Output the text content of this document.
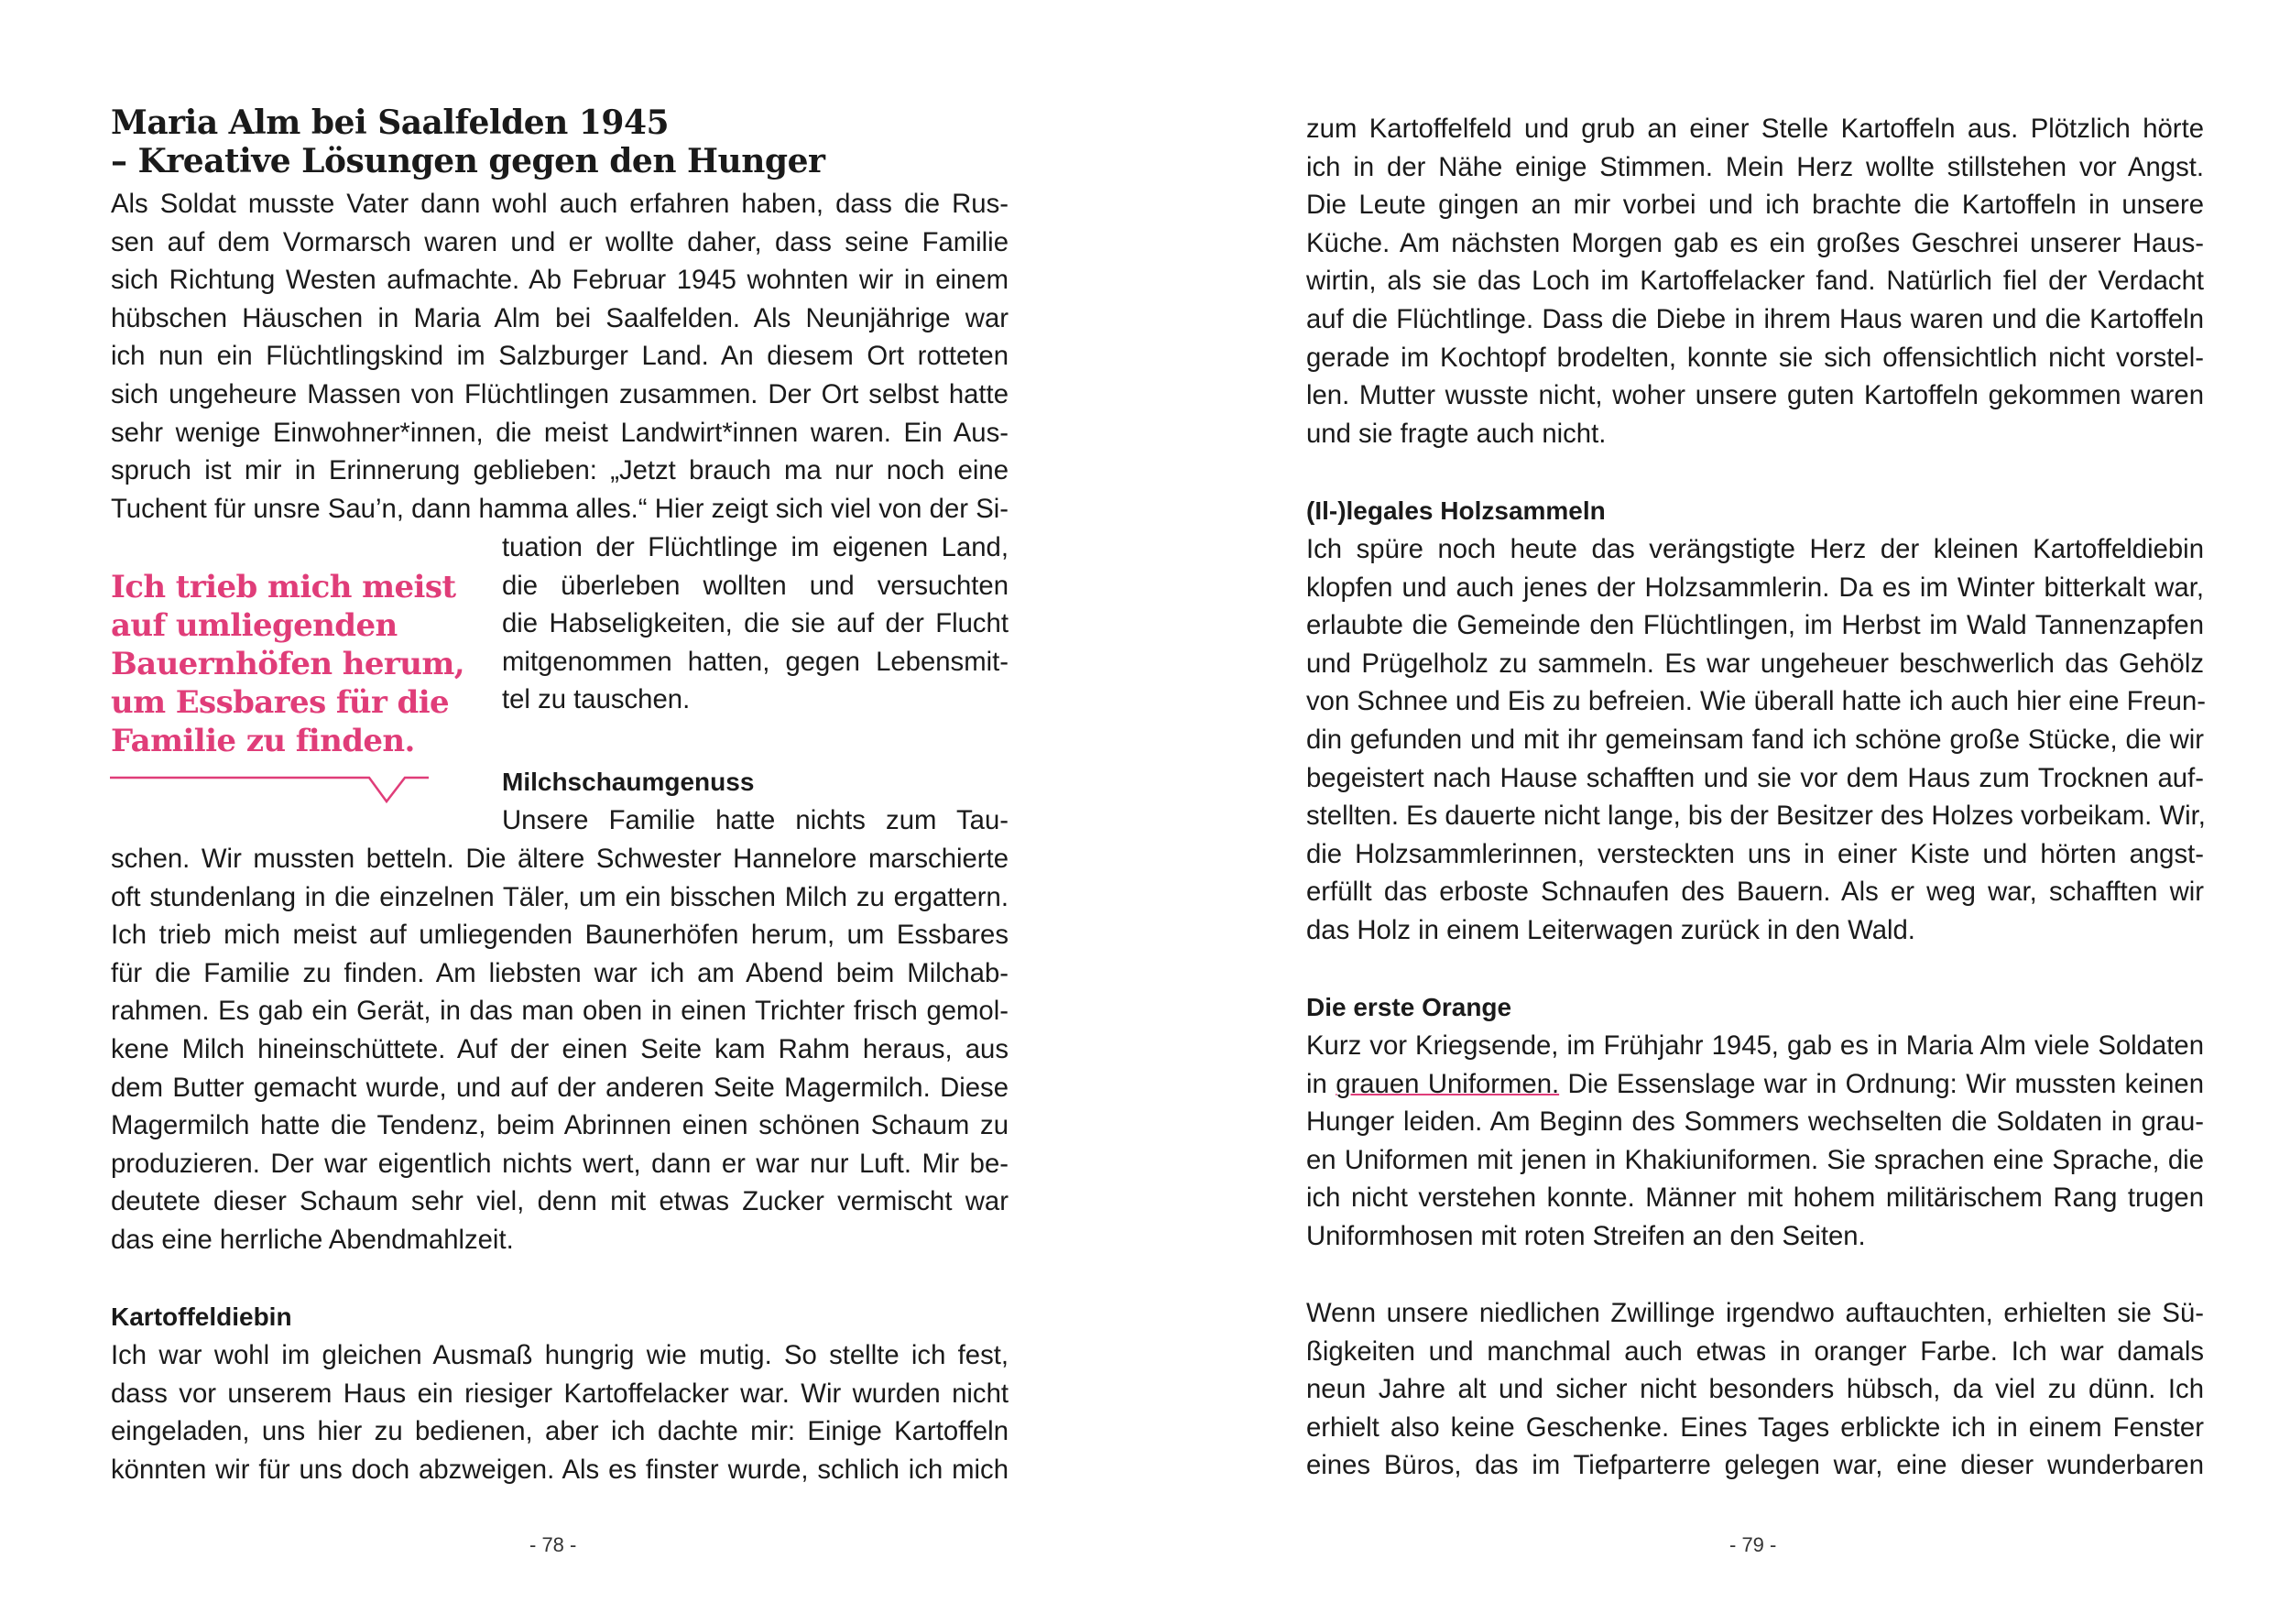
Maria Alm bei Saalfelden 1945
– Kreative Lösungen gegen den Hunger

Als Soldat musste Vater dann wohl auch erfahren haben, dass die Rus-
sen auf dem Vormarsch waren und er wollte daher, dass seine Familie
sich Richtung Westen aufmachte. Ab Februar 1945 wohnten wir in einem
hübschen Häuschen in Maria Alm bei Saalfelden. Als Neunjährige war
ich nun ein Flüchtlingskind im Salzburger Land. An diesem Ort rotteten
sich ungeheure Massen von Flüchtlingen zusammen. Der Ort selbst hatte
sehr wenige Einwohner*innen, die meist Landwirt*innen waren. Ein Aus-
spruch ist mir in Erinnerung geblieben: „Jetzt brauch ma nur noch eine
Tuchent für unsre Sau’n, dann hamma alles.“ Hier zeigt sich viel von der Si-

tuation der Flüchtlinge im eigenen Land,
die überleben wollten und versuchten
die Habseligkeiten, die sie auf der Flucht
mitgenommen hatten, gegen Lebensmit-
tel zu tauschen.

Ich trieb mich meist
auf umliegenden
Bauernhöfen herum,
um Essbares für die
Familie zu finden.

Milchschaumgenuss

Unsere Familie hatte nichts zum Tau-

schen. Wir mussten betteln. Die ältere Schwester Hannelore marschierte
oft stundenlang in die einzelnen Täler, um ein bisschen Milch zu ergattern.
Ich trieb mich meist auf umliegenden Baunerhöfen herum, um Essbares
für die Familie zu finden. Am liebsten war ich am Abend beim Milchab-
rahmen. Es gab ein Gerät, in das man oben in einen Trichter frisch gemol-
kene Milch hineinschüttete. Auf der einen Seite kam Rahm heraus, aus
dem Butter gemacht wurde, und auf der anderen Seite Magermilch. Diese
Magermilch hatte die Tendenz, beim Abrinnen einen schönen Schaum zu
produzieren. Der war eigentlich nichts wert, dann er war nur Luft. Mir be-
deutete dieser Schaum sehr viel, denn mit etwas Zucker vermischt war
das eine herrliche Abendmahlzeit.

Kartoffeldiebin

Ich war wohl im gleichen Ausmaß hungrig wie mutig. So stellte ich fest,
dass vor unserem Haus ein riesiger Kartoffelacker war. Wir wurden nicht
eingeladen, uns hier zu bedienen, aber ich dachte mir: Einige Kartoffeln
könnten wir für uns doch abzweigen. Als es finster wurde, schlich ich mich

- 78 -

zum Kartoffelfeld und grub an einer Stelle Kartoffeln aus. Plötzlich hörte
ich in der Nähe einige Stimmen. Mein Herz wollte stillstehen vor Angst.
Die Leute gingen an mir vorbei und ich brachte die Kartoffeln in unsere
Küche. Am nächsten Morgen gab es ein großes Geschrei unserer Haus-
wirtin, als sie das Loch im Kartoffelacker fand. Natürlich fiel der Verdacht
auf die Flüchtlinge. Dass die Diebe in ihrem Haus waren und die Kartoffeln
gerade im Kochtopf brodelten, konnte sie sich offensichtlich nicht vorstel-
len. Mutter wusste nicht, woher unsere guten Kartoffeln gekommen waren
und sie fragte auch nicht.

(Il-)legales Holzsammeln

Ich spüre noch heute das verängstigte Herz der kleinen Kartoffeldiebin
klopfen und auch jenes der Holzsammlerin. Da es im Winter bitterkalt war,
erlaubte die Gemeinde den Flüchtlingen, im Herbst im Wald Tannenzapfen
und Prügelholz zu sammeln. Es war ungeheuer beschwerlich das Gehölz
von Schnee und Eis zu befreien. Wie überall hatte ich auch hier eine Freun-
din gefunden und mit ihr gemeinsam fand ich schöne große Stücke, die wir
begeistert nach Hause schafften und sie vor dem Haus zum Trocknen auf-
stellten. Es dauerte nicht lange, bis der Besitzer des Holzes vorbeikam. Wir,
die Holzsammlerinnen, versteckten uns in einer Kiste und hörten angst-
erfüllt das erboste Schnaufen des Bauern. Als er weg war, schafften wir
das Holz in einem Leiterwagen zurück in den Wald.

Die erste Orange

Kurz vor Kriegsende, im Frühjahr 1945, gab es in Maria Alm viele Soldaten
in grauen Uniformen. Die Essenslage war in Ordnung: Wir mussten keinen
Hunger leiden. Am Beginn des Sommers wechselten die Soldaten in grau-
en Uniformen mit jenen in Khakiuniformen. Sie sprachen eine Sprache, die
ich nicht verstehen konnte. Männer mit hohem militärischem Rang trugen
Uniformhosen mit roten Streifen an den Seiten.

Wenn unsere niedlichen Zwillinge irgendwo auftauchten, erhielten sie Sü-
ßigkeiten und manchmal auch etwas in oranger Farbe. Ich war damals
neun Jahre alt und sicher nicht besonders hübsch, da viel zu dünn. Ich
erhielt also keine Geschenke. Eines Tages erblickte ich in einem Fenster
eines Büros, das im Tiefparterre gelegen war, eine dieser wunderbaren

- 79 -
